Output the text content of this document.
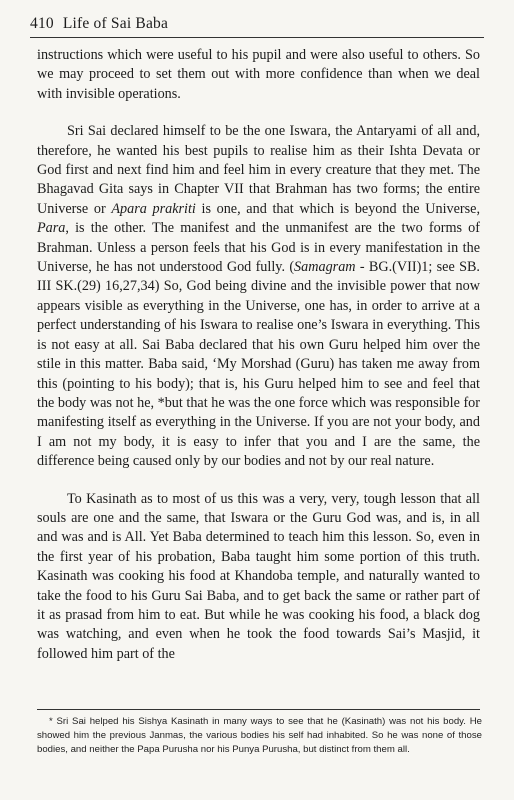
410 Life of Sai Baba

instructions which were useful to his pupil and were also useful to others. So we may proceed to set them out with more confidence than when we deal with invisible operations.

Sri Sai declared himself to be the one Iswara, the Antaryami of all and, therefore, he wanted his best pupils to realise him as their Ishta Devata or God first and next find him and feel him in every creature that they met. The Bhagavad Gita says in Chapter VII that Brahman has two forms; the entire Universe or Apara prakriti is one, and that which is beyond the Universe, Para, is the other. The manifest and the unmanifest are the two forms of Brahman. Unless a person feels that his God is in every manifestation in the Universe, he has not understood God fully. (Samagram - BG.(VII)1; see SB. III SK.(29) 16,27,34) So, God being divine and the invisible power that now appears visible as everything in the Universe, one has, in order to arrive at a perfect understanding of his Iswara to realise one’s Iswara in everything. This is not easy at all. Sai Baba declared that his own Guru helped him over the stile in this matter. Baba said, ‘My Morshad (Guru) has taken me away from this (pointing to his body); that is, his Guru helped him to see and feel that the body was not he, *but that he was the one force which was responsible for manifesting itself as everything in the Universe. If you are not your body, and I am not my body, it is easy to infer that you and I are the same, the difference being caused only by our bodies and not by our real nature.

To Kasinath as to most of us this was a very, very, tough lesson that all souls are one and the same, that Iswara or the Guru God was, and is, in all and was and is All. Yet Baba determined to teach him this lesson. So, even in the first year of his probation, Baba taught him some portion of this truth. Kasinath was cooking his food at Khandoba temple, and naturally wanted to take the food to his Guru Sai Baba, and to get back the same or rather part of it as prasad from him to eat. But while he was cooking his food, a black dog was watching, and even when he took the food towards Sai’s Masjid, it followed him part of the

* Sri Sai helped his Sishya Kasinath in many ways to see that he (Kasinath) was not his body. He showed him the previous Janmas, the various bodies his self had inhabited. So he was none of those bodies, and neither the Papa Purusha nor his Punya Purusha, but distinct from them all.
